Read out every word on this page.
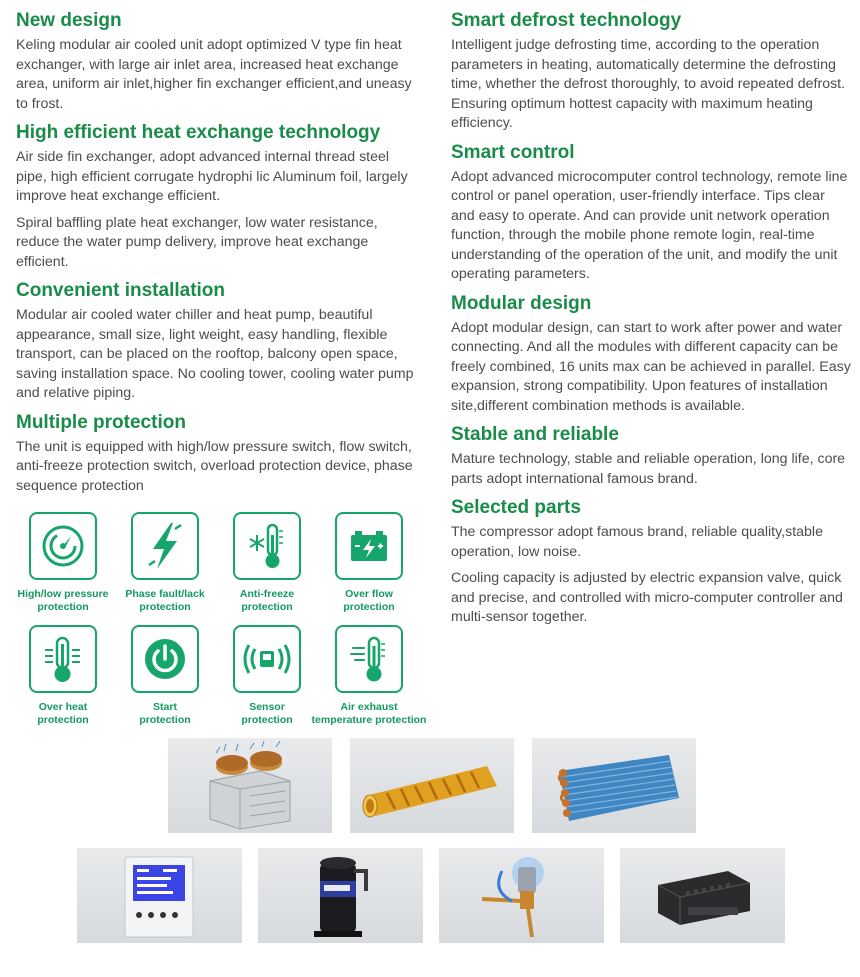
New design

Keling modular air cooled unit adopt optimized V type fin heat exchanger, with large air inlet area, increased heat exchange area, uniform air inlet,higher fin exchanger efficient,and uneasy to frost.

High efficient heat exchange technology

Air side fin exchanger, adopt advanced internal thread steel pipe, high efficient corrugate hydrophi lic Aluminum foil, largely improve heat exchange efficient.

Spiral baffling plate heat exchanger, low water resistance, reduce the water pump delivery, improve heat exchange efficient.

Convenient installation

Modular air cooled water chiller and heat pump, beautiful appearance, small size, light weight, easy handling, flexible transport, can be placed on the rooftop, balcony open space, saving installation space. No cooling tower, cooling water pump and relative piping.

Multiple protection

The unit is equipped with high/low pressure switch, flow switch, anti-freeze protection switch, overload protection device, phase sequence protection

Smart defrost technology

Intelligent judge defrosting time, according to the operation parameters in heating, automatically determine the defrosting time, whether the defrost thoroughly, to avoid repeated defrost. Ensuring optimum hottest capacity with maximum heating efficiency.

Smart control

Adopt advanced microcomputer control technology, remote line control or panel operation, user-friendly interface. Tips clear and easy to operate. And can provide unit network operation function, through the mobile phone remote login, real-time understanding of the operation of the unit, and modify the unit operating parameters.

Modular design

Adopt modular design, can start to work after power and water connecting. And all the modules with different capacity can be freely combined, 16 units max can be achieved in parallel. Easy expansion, strong compatibility. Upon features of installation site,different combination methods is available.

Stable and reliable

Mature technology, stable and reliable operation, long life, core parts adopt international famous brand.

Selected parts

The compressor adopt famous brand, reliable quality,stable operation, low noise.

Cooling capacity is adjusted by electric expansion valve, quick and precise, and controlled with micro-computer controller and multi-sensor together.

High/low pressure
protection
Phase fault/lack
protection
Anti-freeze
protection
Over flow
protection
Over heat
protection
Start
protection
Sensor
protection
Air exhaust
temperature protection
